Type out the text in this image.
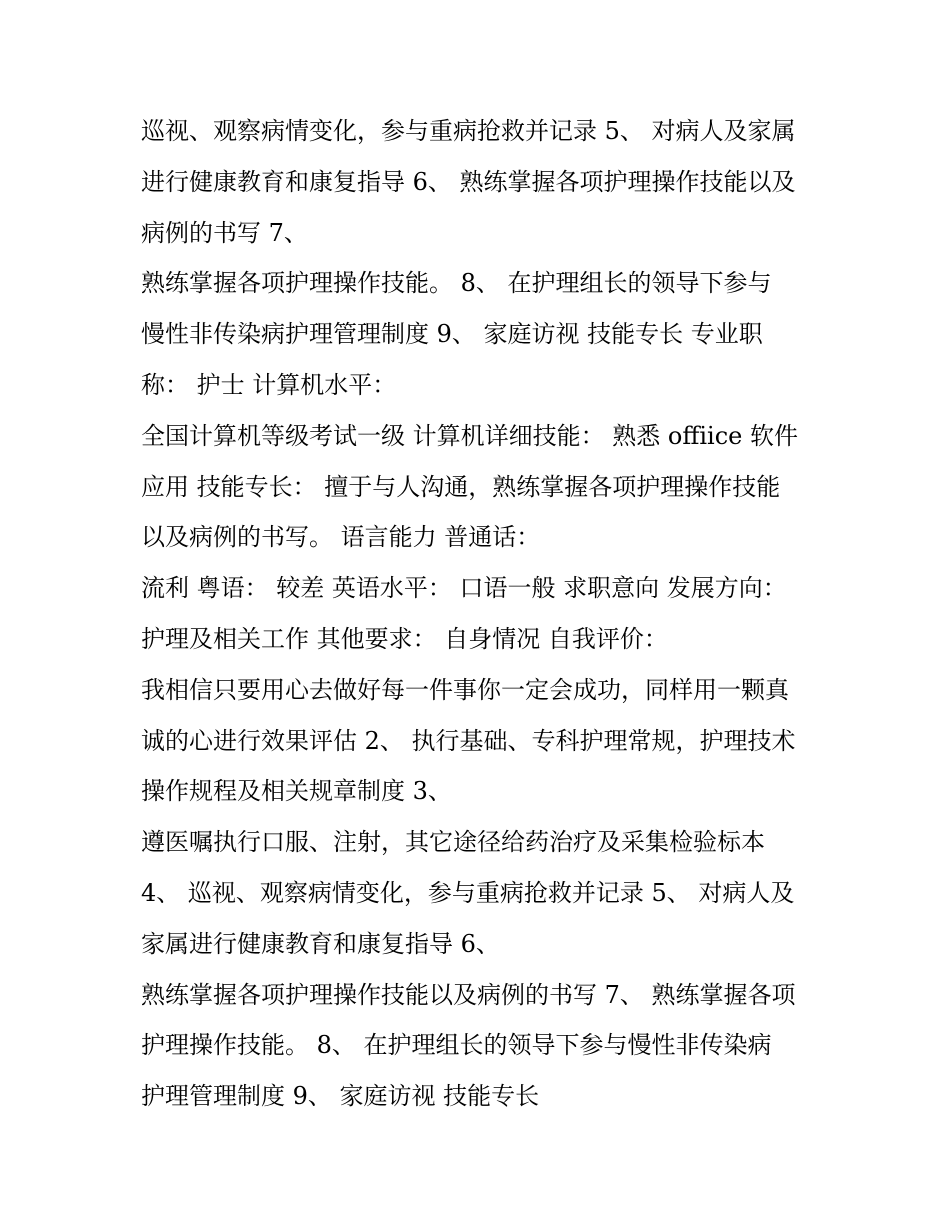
巡视、观察病情变化，参与重病抢救并记录 5、 对病人及家属
进行健康教育和康复指导 6、 熟练掌握各项护理操作技能以及
病例的书写 7、
熟练掌握各项护理操作技能。 8、 在护理组长的领导下参与
慢性非传染病护理管理制度 9、 家庭访视 技能专长 专业职
称： 护士 计算机水平：
全国计算机等级考试一级 计算机详细技能： 熟悉 offiice 软件
应用 技能专长： 擅于与人沟通，熟练掌握各项护理操作技能
以及病例的书写。 语言能力 普通话：
流利 粤语： 较差 英语水平： 口语一般 求职意向 发展方向：
护理及相关工作 其他要求： 自身情况 自我评价：
我相信只要用心去做好每一件事你一定会成功，同样用一颗真
诚的心进行效果评估 2、 执行基础、专科护理常规，护理技术
操作规程及相关规章制度 3、
遵医嘱执行口服、注射，其它途径给药治疗及采集检验标本
4、 巡视、观察病情变化，参与重病抢救并记录 5、 对病人及
家属进行健康教育和康复指导 6、
熟练掌握各项护理操作技能以及病例的书写 7、 熟练掌握各项
护理操作技能。 8、 在护理组长的领导下参与慢性非传染病
护理管理制度 9、 家庭访视 技能专长
